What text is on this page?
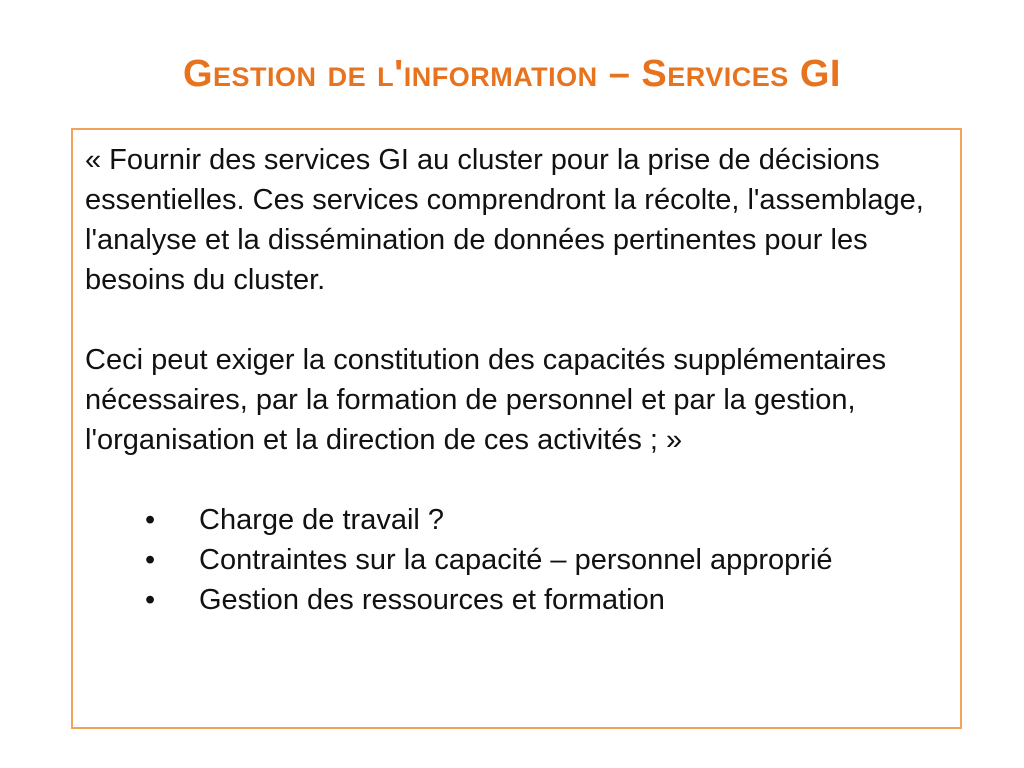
Gestion de l'information – Services GI

« Fournir des services GI au cluster pour la prise de décisions essentielles. Ces services comprendront la récolte, l'assemblage, l'analyse et la dissémination de données pertinentes pour les besoins du cluster.

Ceci peut exiger la constitution des capacités supplémentaires nécessaires, par la formation de personnel et par la gestion, l'organisation et la direction de ces activités ; »

• Charge de travail ?
• Contraintes sur la capacité – personnel approprié
• Gestion des ressources et formation
